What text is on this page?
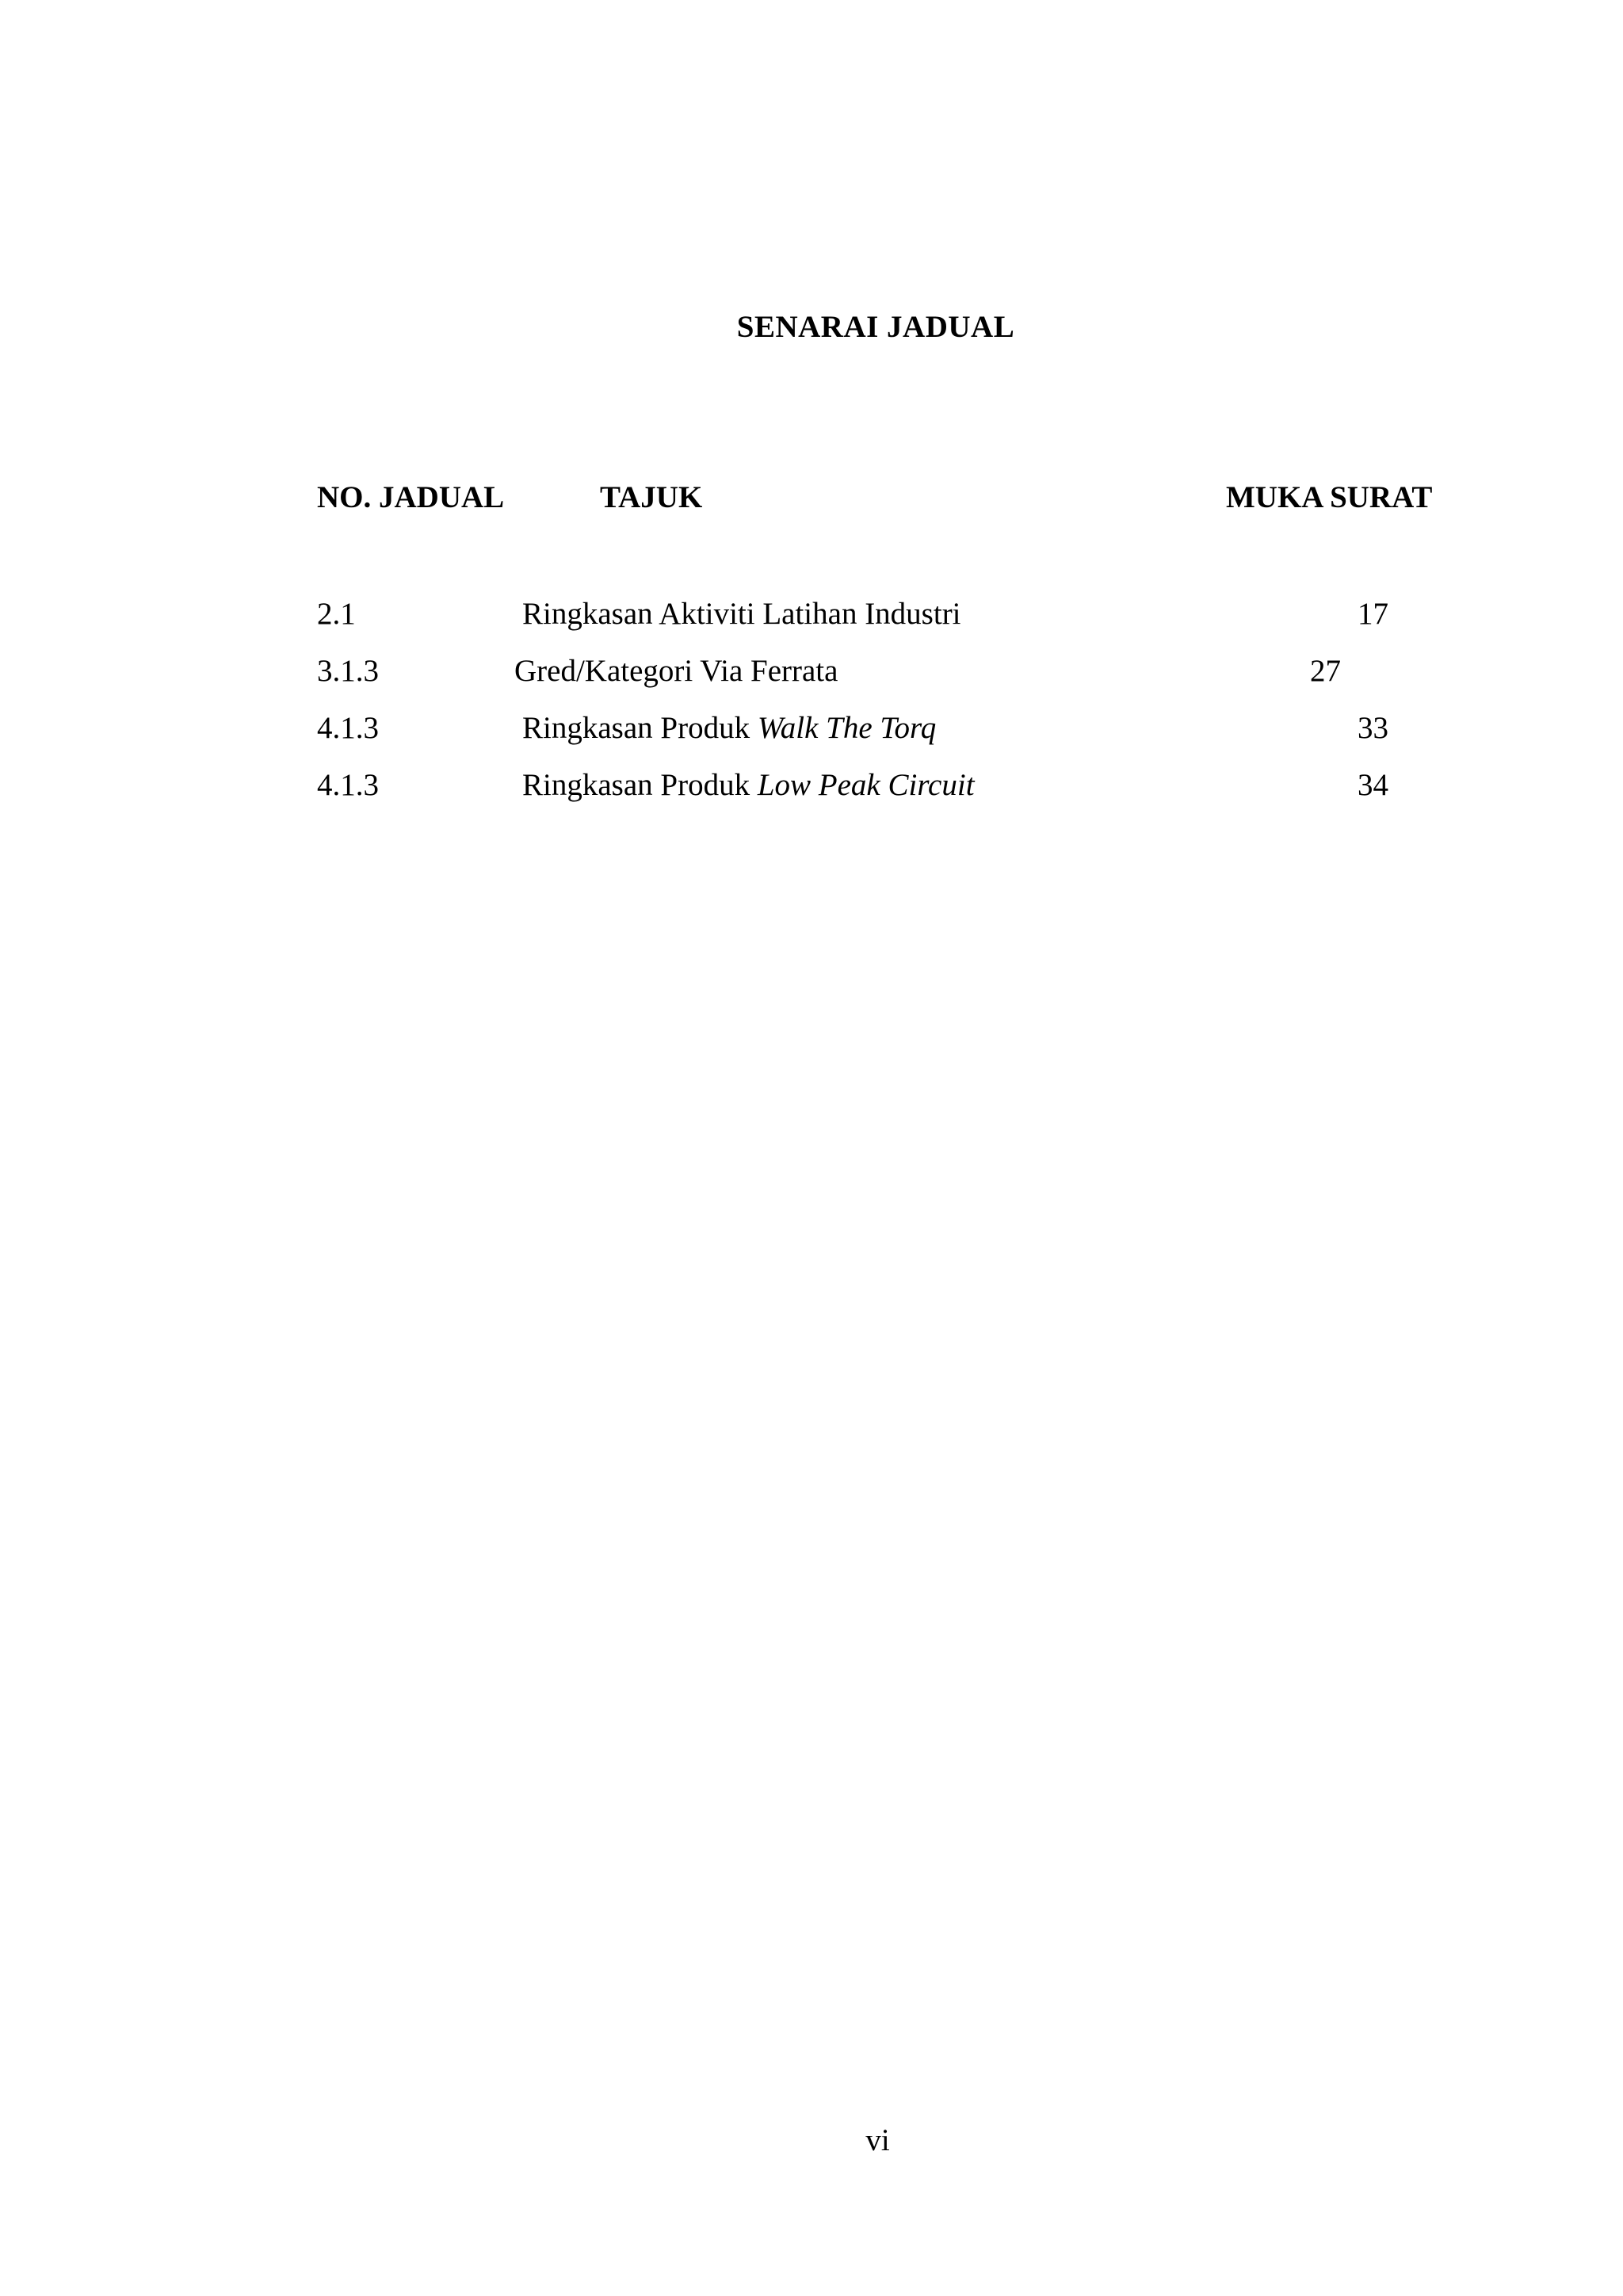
SENARAI JADUAL
NO. JADUAL	TAJUK	MUKA SURAT
2.1	Ringkasan Aktiviti Latihan Industri	17
3.1.3	Gred/Kategori Via Ferrata	27
4.1.3	Ringkasan Produk Walk The Torq	33
4.1.3	Ringkasan Produk Low Peak Circuit	34
vi
